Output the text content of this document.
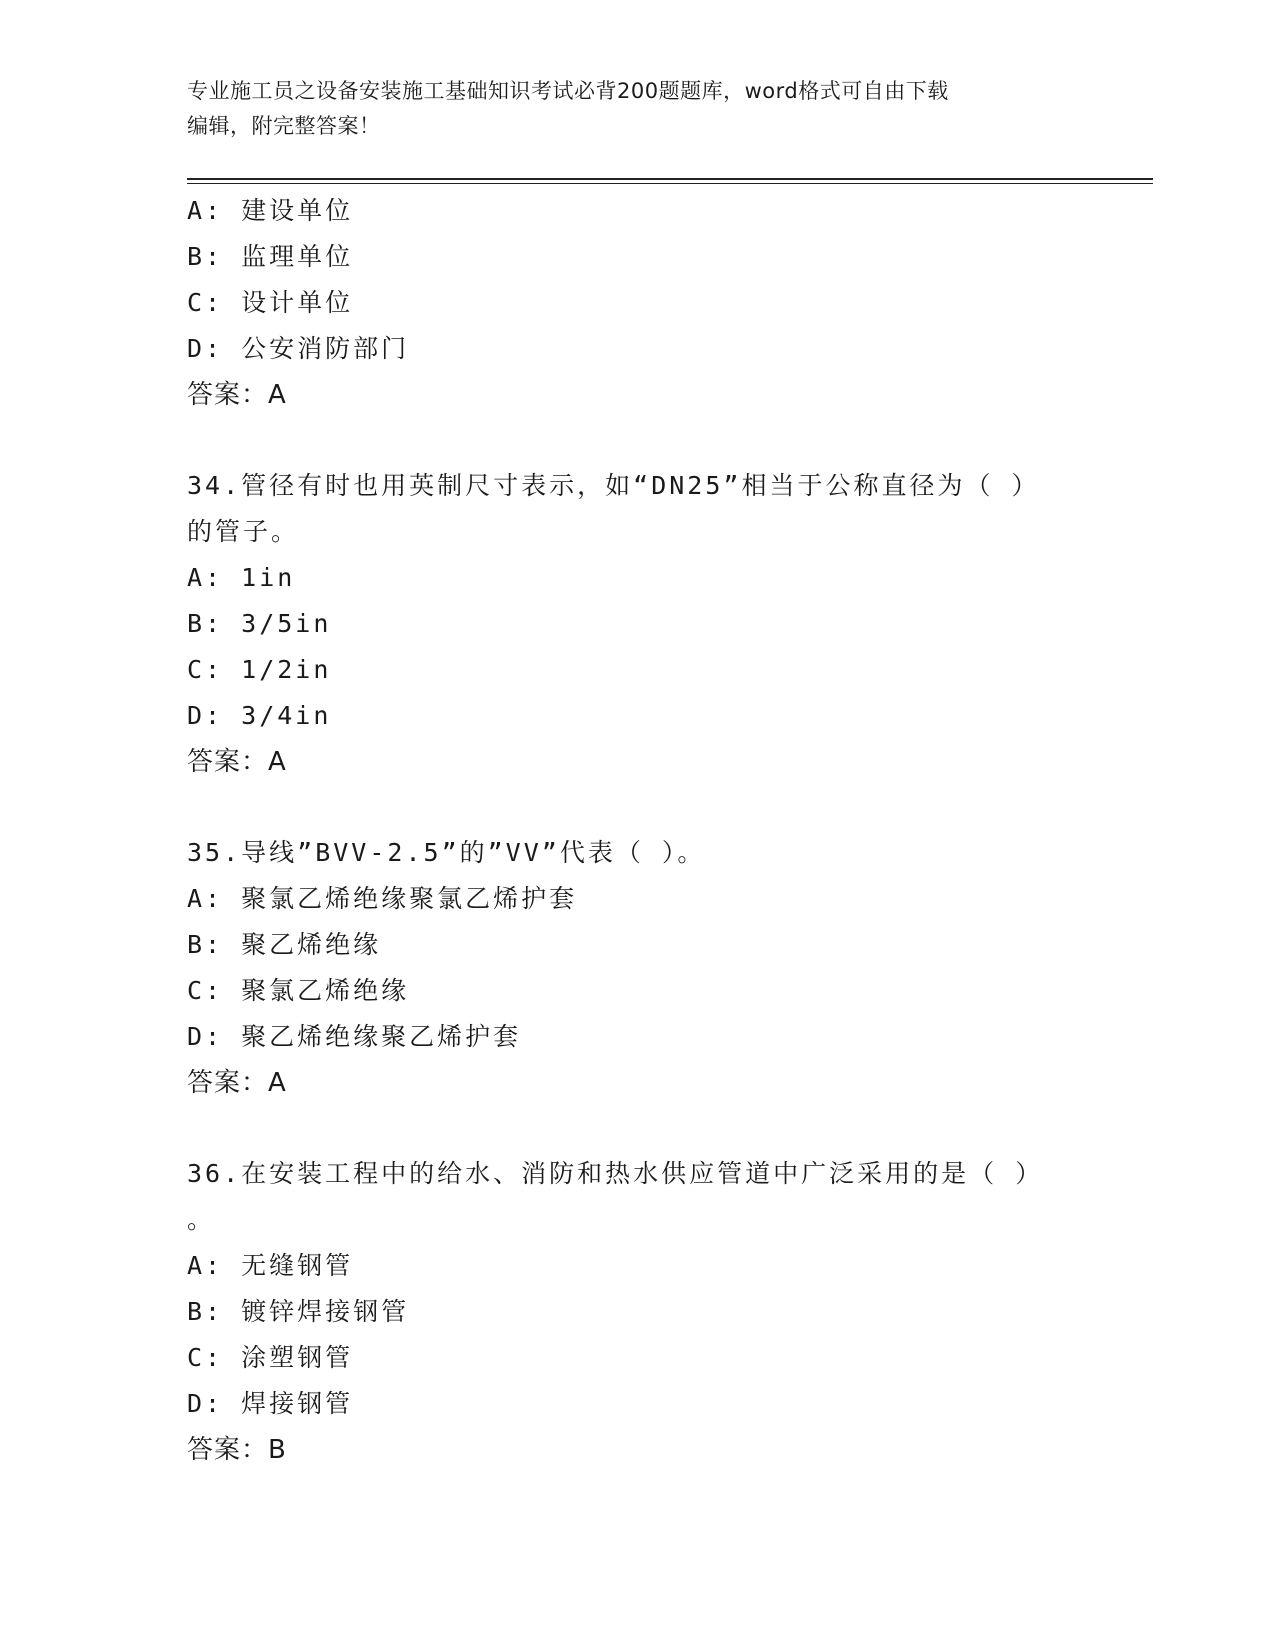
专业施工员之设备安装施工基础知识考试必背200题题库，word格式可自由下载
编辑，附完整答案！
A: 建设单位
B: 监理单位
C: 设计单位
D: 公安消防部门
答案：A
34.管径有时也用英制尺寸表示，如“DN25”相当于公称直径为（ ）
的管子。
A: 1in
B: 3/5in
C: 1/2in
D: 3/4in
答案：A
35.导线”BVV-2.5”的”VV”代表（ ）。
A: 聚氯乙烯绝缘聚氯乙烯护套
B: 聚乙烯绝缘
C: 聚氯乙烯绝缘
D: 聚乙烯绝缘聚乙烯护套
答案：A
36.在安装工程中的给水、消防和热水供应管道中广泛采用的是（ ）
。
A: 无缝钢管
B: 镀锌焊接钢管
C: 涂塑钢管
D: 焊接钢管
答案：B
